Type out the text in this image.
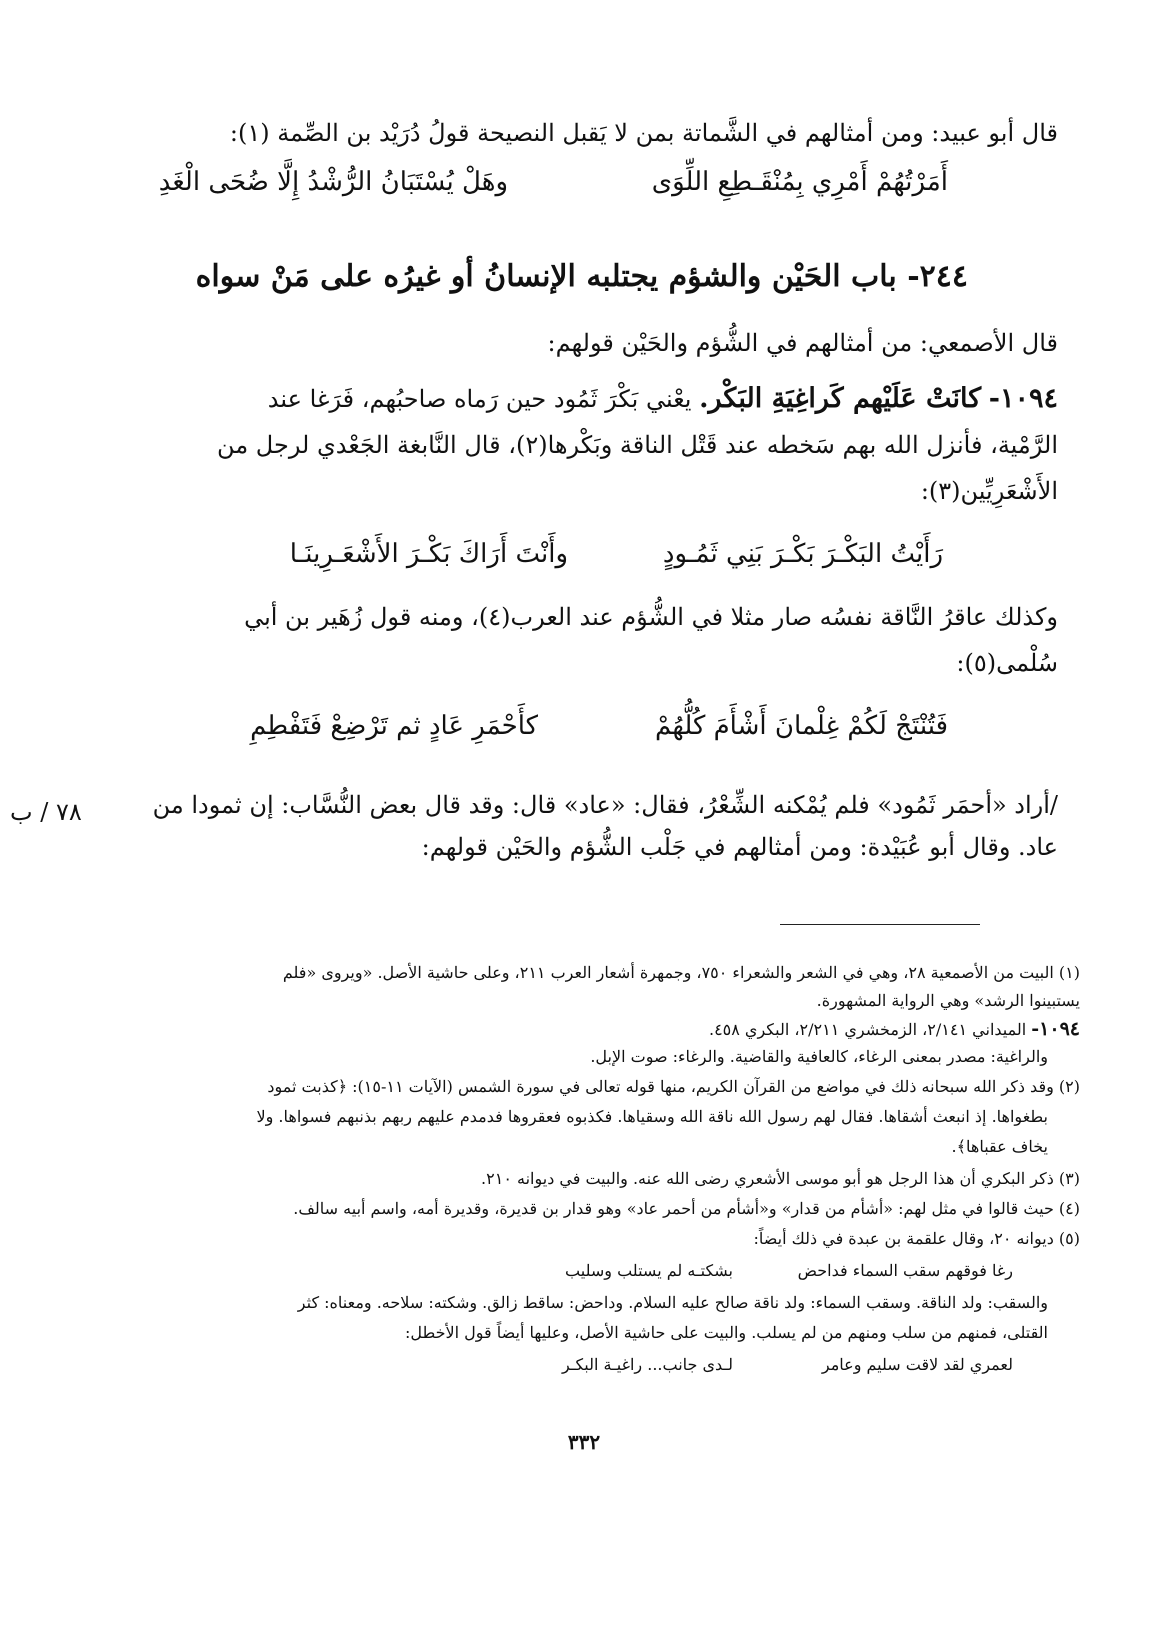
قال أبو عبيد: ومن أمثالهم في الشَّماتة بمن لا يَقبل النصيحة قولُ دُرَيْد بن الصِّمة (١):
أَمَرْتُهُمْ أَمْرِي بِمُنْقَـطِعِ اللِّوَى
وهَلْ يُسْتَبَانُ الرُّشْدُ إِلَّا ضُحَى الْغَدِ
٢٤٤- باب الحَيْن والشؤم يجتلبه الإنسانُ أو غيرُه على مَنْ سواه
قال الأصمعي: من أمثالهم في الشُّؤم والحَيْن قولهم:
١٠٩٤- كانَتْ عَلَيْهم كَراغِيَةِ البَكْر. يعْني بَكْرَ ثَمُود حين رَماه صاحبُهم، فَرَغا عند
الرَّمْية، فأنزل الله بهم سَخطه عند قَتْل الناقة وبَكْرها(٢)، قال النَّابغة الجَعْدي لرجل من
الأَشْعَرِيِّين(٣):
رَأَيْتُ البَكْـرَ بَكْـرَ بَنِي ثَمُـودٍ
وأَنْتَ أَرَاكَ بَكْـرَ الأَشْعَـرِينَـا
وكذلك عاقرُ النَّاقة نفسُه صار مثلا في الشُّؤم عند العرب(٤)، ومنه قول زُهَير بن أبي
سُلْمى(٥):
فَتُنْتَجْ لَكُمْ غِلْمانَ أَشْأَمَ كُلُّهُمْ
كأَحْمَرِ عَادٍ ثم تَرْضِعْ فَتَفْطِمِ
/أراد «أحمَر ثَمُود» فلم يُمْكنه الشِّعْرُ، فقال: «عاد» قال: وقد قال بعض النُّسَّاب: إن ثمودا من
٧٨ / ب
عاد. وقال أبو عُبَيْدة: ومن أمثالهم في جَلْب الشُّؤم والحَيْن قولهم:
(١) البيت من الأصمعية ٢٨، وهي في الشعر والشعراء ٧٥٠، وجمهرة أشعار العرب ٢١١، وعلى حاشية الأصل. «ويروى «فلم
يستبينوا الرشد» وهي الرواية المشهورة.
١٠٩٤- الميداني ٢/١٤١، الزمخشري ٢/٢١١، البكري ٤٥٨.
والراغية: مصدر بمعنى الرغاء، كالعافية والقاضية. والرغاء: صوت الإبل.
(٢) وقد ذكر الله سبحانه ذلك في مواضع من القرآن الكريم، منها قوله تعالى في سورة الشمس (الآيات ١١-١٥): ﴿كذبت ثمود
بطغواها. إذ انبعث أشقاها. فقال لهم رسول الله ناقة الله وسقياها. فكذبوه فعقروها فدمدم عليهم ربهم بذنبهم فسواها. ولا
يخاف عقباها﴾.
(٣) ذكر البكري أن هذا الرجل هو أبو موسى الأشعري رضى الله عنه. والبيت في ديوانه ٢١٠.
(٤) حيث قالوا في مثل لهم: «أشأم من قدار» و«أشأم من أحمر عاد» وهو قدار بن قديرة، وقديرة أمه، واسم أبيه سالف.
(٥) ديوانه ٢٠، وقال علقمة بن عبدة في ذلك أيضاً:
رغا فوقهم سقب السماء فداحض
بشكتـه لم يستلب وسليب
والسقب: ولد الناقة. وسقب السماء: ولد ناقة صالح عليه السلام. وداحض: ساقط زالق. وشكته: سلاحه. ومعناه: كثر
القتلى، فمنهم من سلب ومنهم من لم يسلب. والبيت على حاشية الأصل، وعليها أيضاً قول الأخطل:
لعمري لقد لاقت سليم وعامر
لـدى جانب... راغيـة البكـر
٣٣٢
